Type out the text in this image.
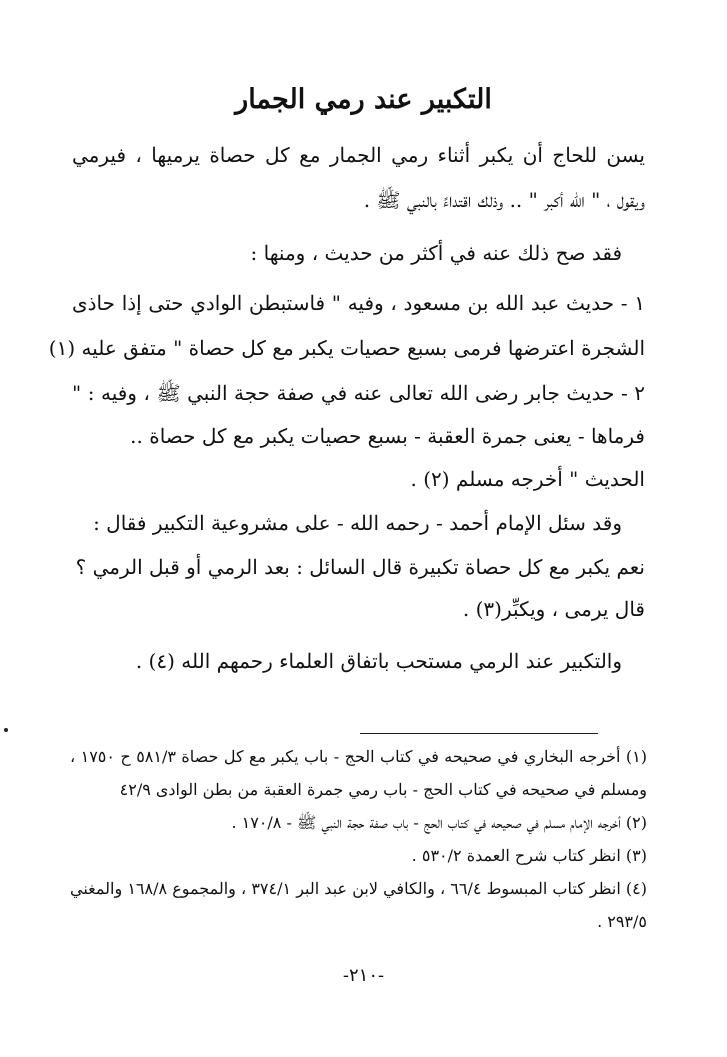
التكبير عند رمي الجمار
يسن للحاج أن يكبر أثناء رمي الجمار مع كل حصاة يرميها ، فيرمي
ويقول ، " الله أكبر " .. وذلك اقتداءً بالنبي ﷺ .
فقد صح ذلك عنه في أكثر من حديث ، ومنها :
١ - حديث عبد الله بن مسعود ، وفيه " فاستبطن الوادي حتى إذا حاذى
الشجرة اعترضها فرمى بسبع حصيات يكبر مع كل حصاة " متفق عليه (١)
٢ - حديث جابر رضى الله تعالى عنه في صفة حجة النبي ﷺ ، وفيه : "
فرماها - يعنى جمرة العقبة - بسبع حصيات يكبر مع كل حصاة ..
الحديث " أخرجه مسلم (٢) .
وقد سئل الإمام أحمد - رحمه الله - على مشروعية التكبير فقال :
نعم يكبر مع كل حصاة تكبيرة قال السائل : بعد الرمي أو قبل الرمي ؟
قال يرمى ، ويكبِّر(٣) .
والتكبير عند الرمي مستحب باتفاق العلماء رحمهم الله (٤) .
(١) أخرجه البخاري في صحيحه في كتاب الحج - باب يكبر مع كل حصاة ٥٨١/٣ ح ١٧٥٠ ،
ومسلم في صحيحه في كتاب الحج - باب رمي جمرة العقبة من بطن الوادى ٤٢/٩
(٢) أخرجه الإمام مسلم في صحيحه في كتاب الحج - باب صفة حجة النبي ﷺ - ١٧٠/٨ .
(٣) انظر كتاب شرح العمدة ٥٣٠/٢ .
(٤) انظر كتاب المبسوط ٦٦/٤ ، والكافي لابن عبد البر ٣٧٤/١ ، والمجموع ١٦٨/٨ والمغني
٢٩٣/٥ .
-٢١٠-
